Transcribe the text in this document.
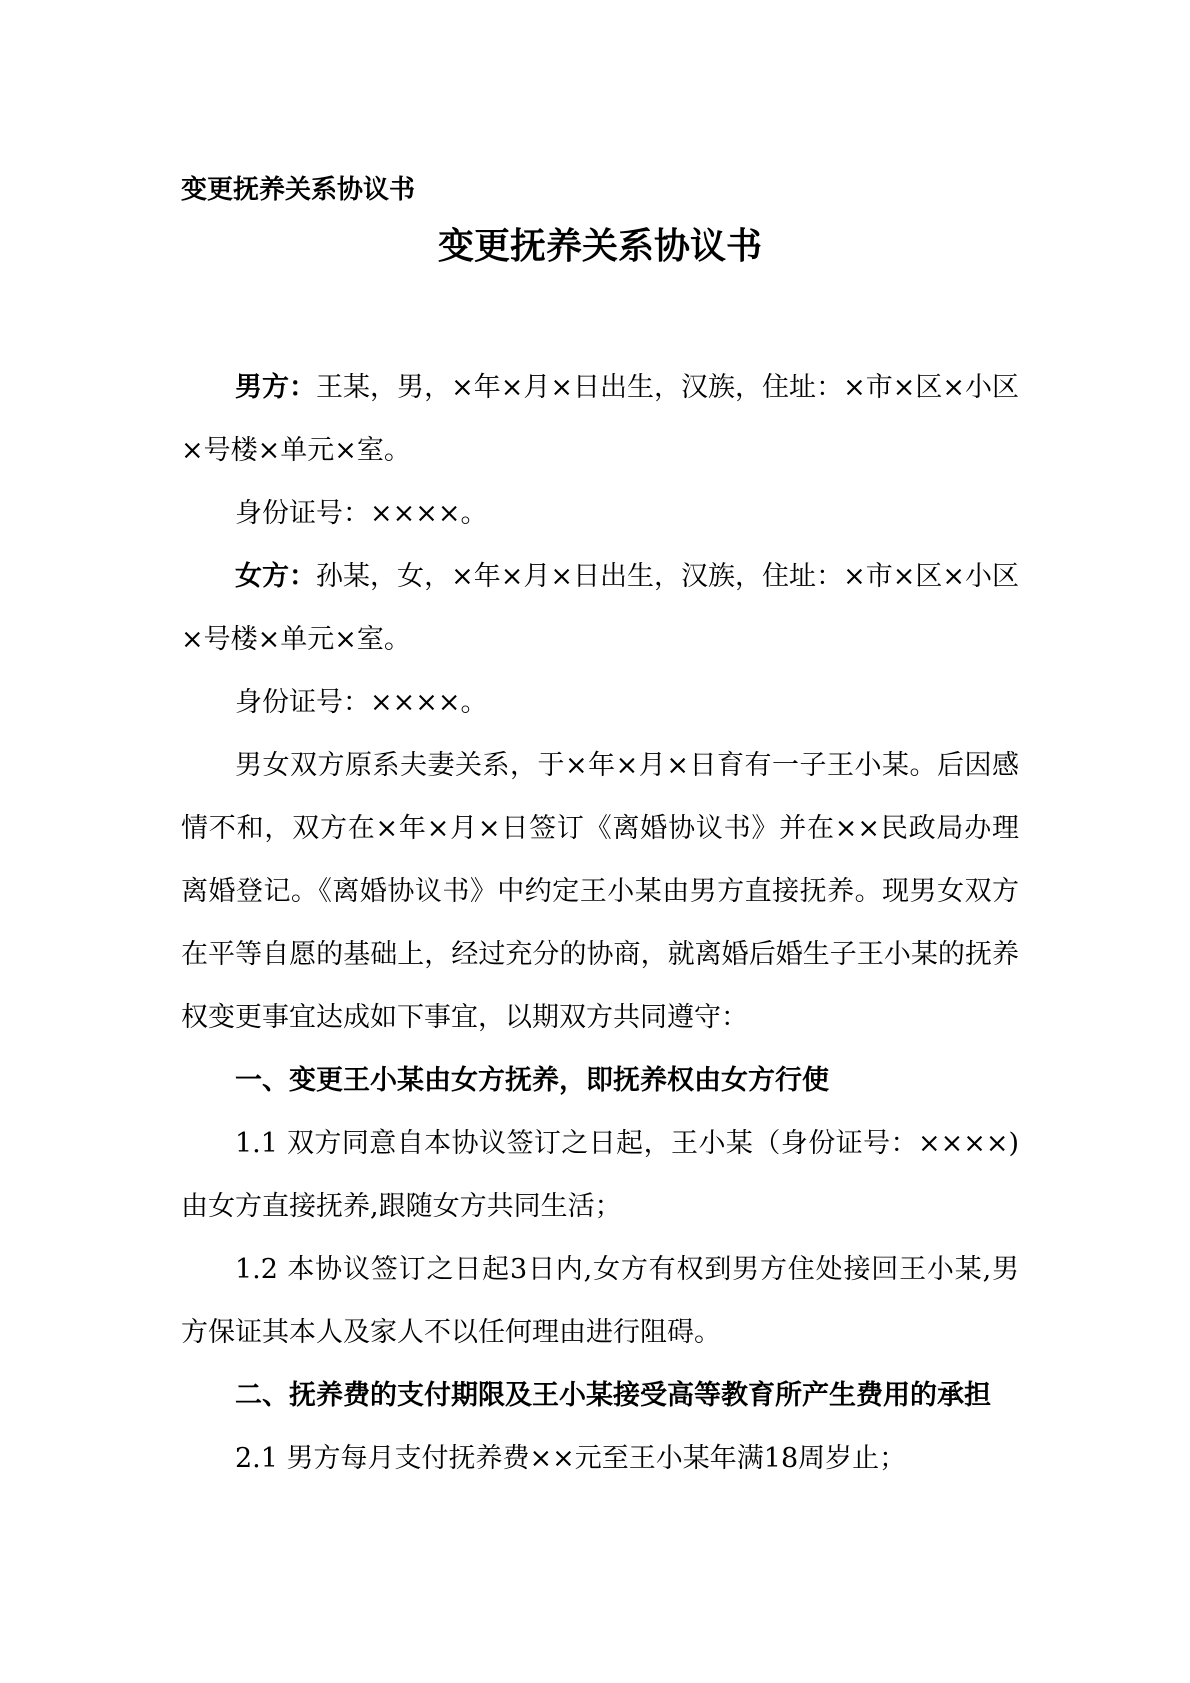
变更抚养关系协议书
变更抚养关系协议书

男方：王某，男，×年×月×日出生，汉族，住址：×市×区×小区×号楼×单元×室。

身份证号：××××。

女方：孙某，女，×年×月×日出生，汉族，住址：×市×区×小区×号楼×单元×室。

身份证号：××××。

男女双方原系夫妻关系，于×年×月×日育有一子王小某。后因感情不和，双方在×年×月×日签订《离婚协议书》并在××民政局办理离婚登记。《离婚协议书》中约定王小某由男方直接抚养。现男女双方在平等自愿的基础上，经过充分的协商，就离婚后婚生子王小某的抚养权变更事宜达成如下事宜，以期双方共同遵守：

一、变更王小某由女方抚养，即抚养权由女方行使

1.1 双方同意自本协议签订之日起，王小某（身份证号：××××)由女方直接抚养,跟随女方共同生活；

1.2 本协议签订之日起3日内,女方有权到男方住处接回王小某,男方保证其本人及家人不以任何理由进行阻碍。

二、抚养费的支付期限及王小某接受高等教育所产生费用的承担

2.1 男方每月支付抚养费××元至王小某年满18周岁止；
